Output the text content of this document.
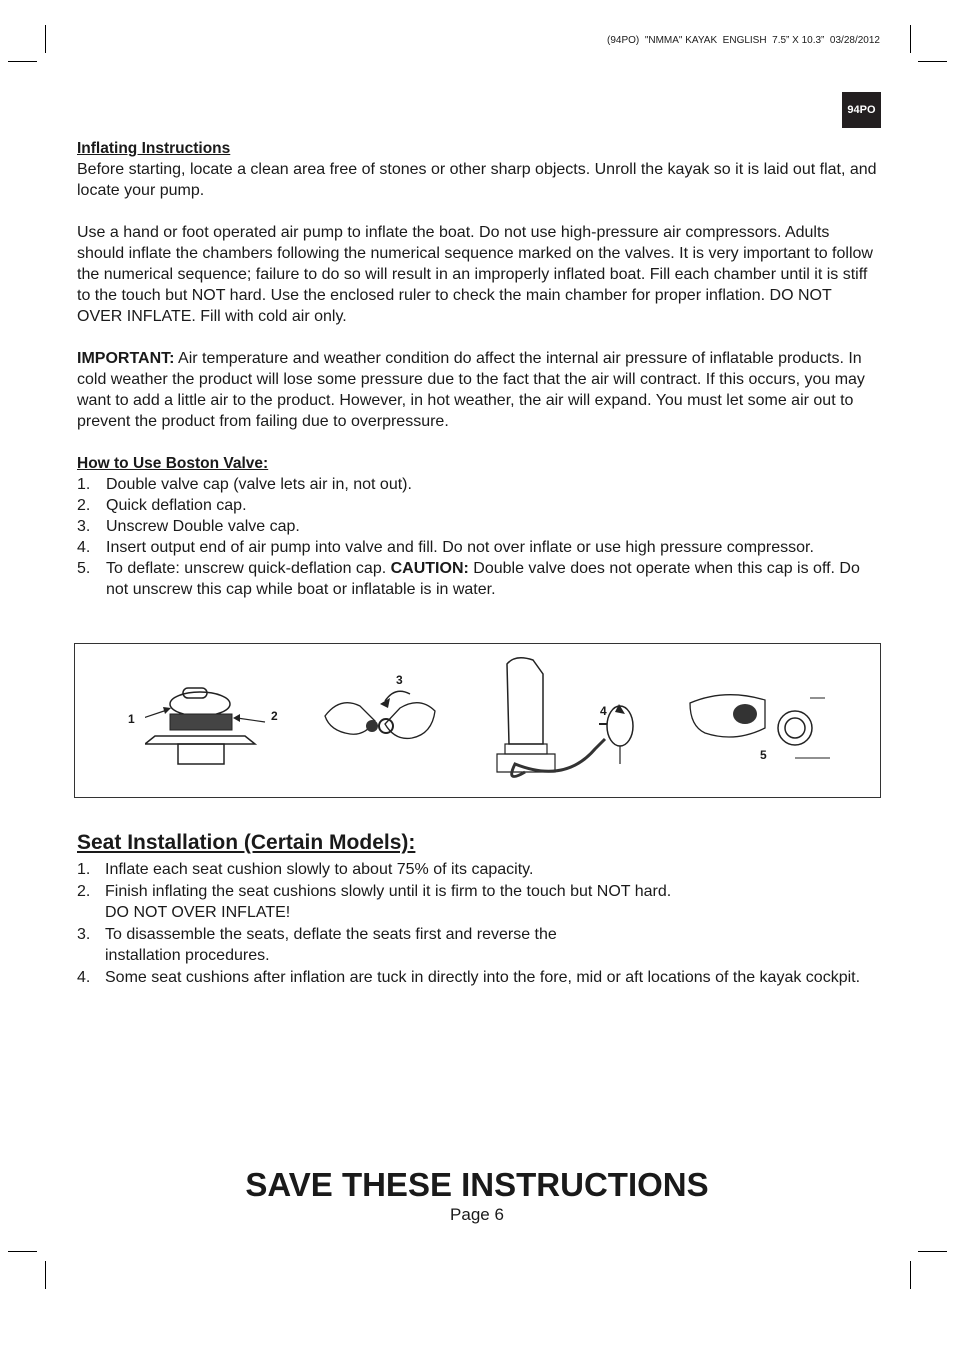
(94PO)  "NMMA" KAYAK  ENGLISH  7.5” X 10.3”  03/28/2012
94PO

Inflating Instructions

Before starting, locate a clean area free of stones or other sharp objects. Unroll the kayak so it is laid out flat, and locate your pump.

Use a hand or foot operated air pump to inflate the boat. Do not use high-pressure air compressors. Adults should inflate the chambers following the numerical sequence marked on the valves. It is very important to follow the numerical sequence; failure to do so will result in an improperly inflated boat. Fill each chamber until it is stiff to the touch but NOT hard. Use the enclosed ruler to check the main chamber for proper inflation. DO NOT OVER INFLATE. Fill with cold air only.

IMPORTANT: Air temperature and weather condition do affect the internal air pressure of inflatable products. In cold weather the product will lose some pressure due to the fact that the air will contract. If this occurs, you may want to add a little air to the product. However, in hot weather, the air will expand. You must let some air out to prevent the product from failing due to overpressure.

How to Use Boston Valve:

1. Double valve cap (valve lets air in, not out).
2. Quick deflation cap.
3. Unscrew Double valve cap.
4. Insert output end of air pump into valve and fill. Do not over inflate or use high pressure compressor.
5. To deflate: unscrew quick-deflation cap. CAUTION: Double valve does not operate when this cap is off. Do not unscrew this cap while boat or inflatable is in water.
1	2
3
4
5
Seat Installation (Certain Models):
1. Inflate each seat cushion slowly to about 75% of its capacity.
2. Finish inflating the seat cushions slowly until it is firm to the touch but NOT hard.
DO NOT OVER INFLATE!
3. To disassemble the seats, deflate the seats first and reverse the
installation procedures.
4. Some seat cushions after inflation are tuck in directly into the fore, mid or aft locations of the kayak cockpit.
SAVE THESE INSTRUCTIONS
Page 6
